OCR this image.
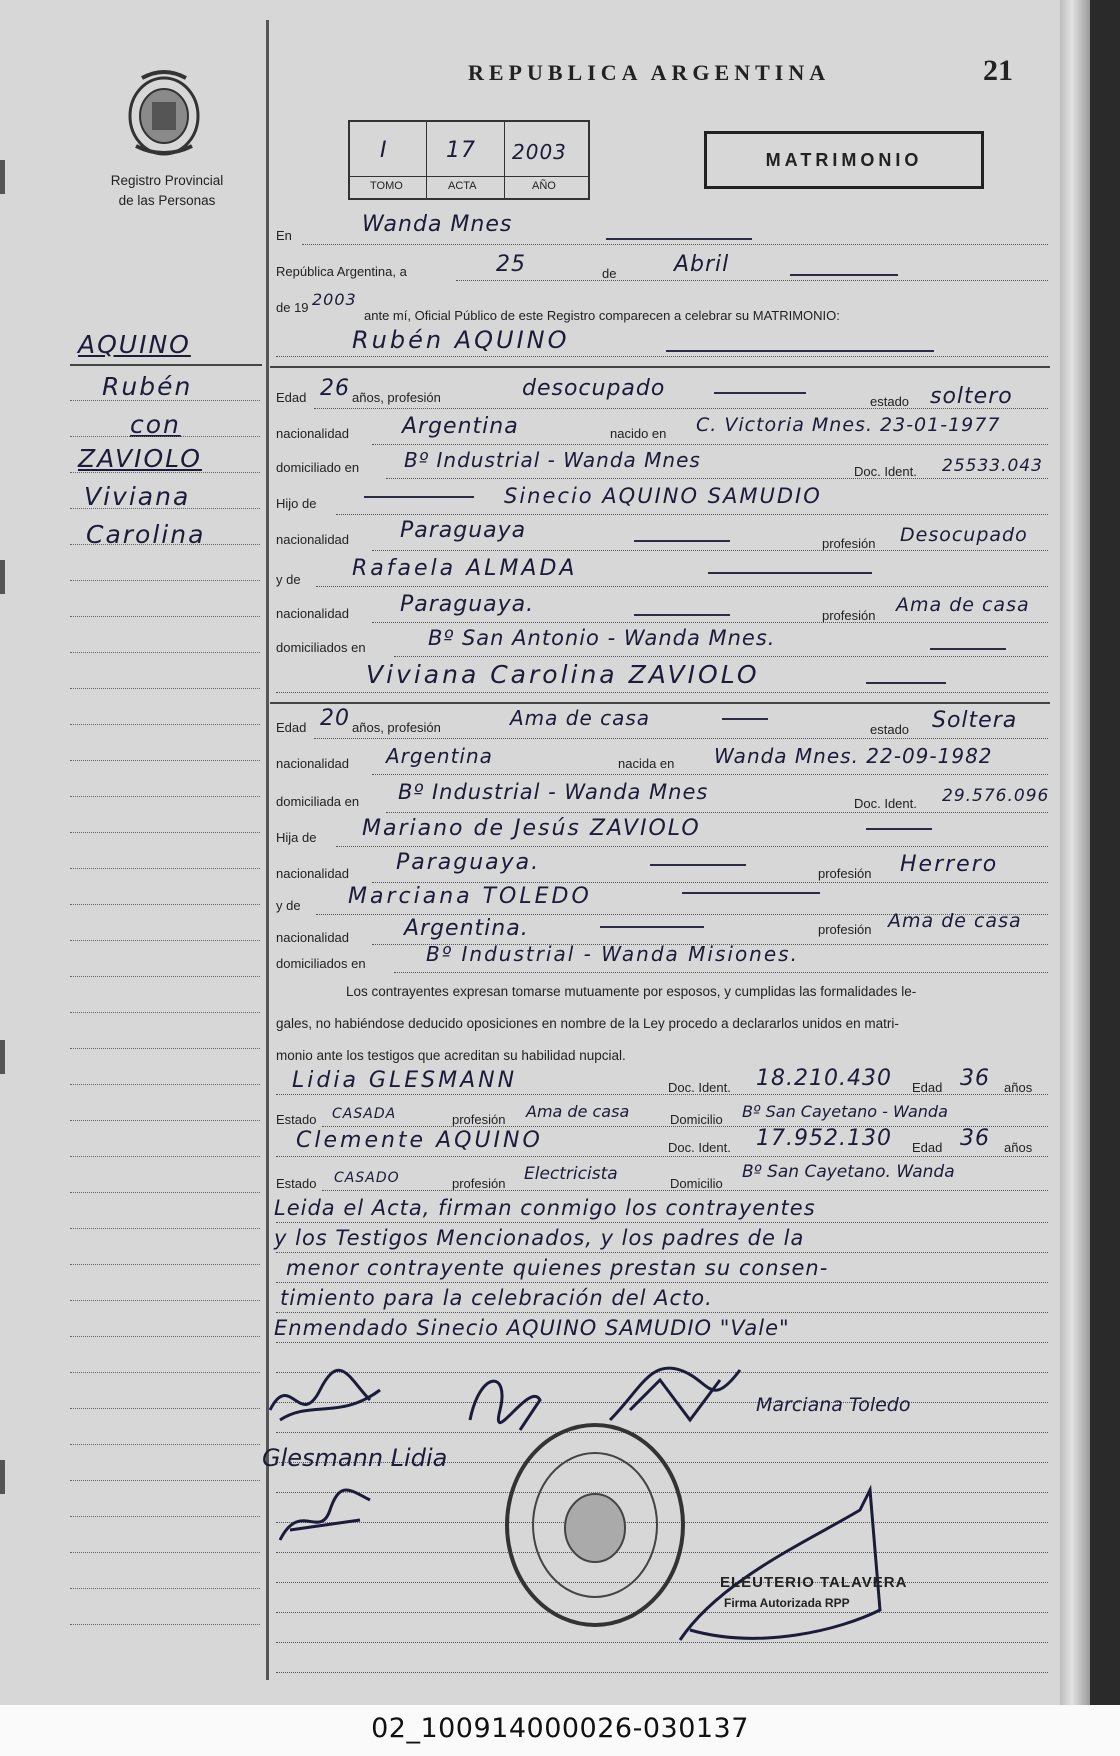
Registro Provincial
de las Personas
REPUBLICA ARGENTINA	21
I	17 2003
TOMO	ACTA	AÑO
MATRIMONIO
AQUINO
Rubén
con
ZAVIOLO
Viviana
Carolina
En	Wanda Mnes
República Argentina, a	25	de	Abril
de 19 2003
ante mí, Oficial Público de este Registro comparecen a celebrar su MATRIMONIO:
Rubén AQUINO
Edad 26 años, profesión	desocupado
estado soltero
nacionalidad Argentina	nacido en C. Victoria Mnes. 23-01-1977
domiciliado en Bº Industrial - Wanda Mnes	Doc. Ident. 25533.043
Hijo de	Sinecio AQUINO SAMUDIO
nacionalidad Paraguaya
profesión Desocupado
y de Rafaela ALMADA
nacionalidad Paraguaya.	profesión Ama de casa
domiciliados en	Bº San Antonio - Wanda Mnes.
Viviana Carolina ZAVIOLO
Edad 20 años, profesión	Ama de casa	estado Soltera
nacionalidad Argentina	nacida en Wanda Mnes. 22-09-1982
domiciliada en Bº Industrial - Wanda Mnes	Doc. Ident. 29.576.096
Hija de Mariano de Jesús ZAVIOLO
nacionalidad Paraguaya.	profesión Herrero
y de Marciana TOLEDO
nacionalidad Argentina.	profesión Ama de casa
domiciliados en	Bº Industrial - Wanda Misiones.
Los contrayentes expresan tomarse mutuamente por esposos, y cumplidas las formalidades le-
gales, no habiéndose deducido oposiciones en nombre de la Ley procedo a declararlos unidos en matri-
monio ante los testigos que acreditan su habilidad nupcial.
Lidia GLESMANN	Doc. Ident. 18.210.430 Edad 36 años
Estado CASADA	profesión Ama de casa	Domicilio Bº San Cayetano - Wanda
Clemente AQUINO	Doc. Ident. 17.952.130 Edad 36 años
Estado CASADO	profesión Electricista	Domicilio
Bº San Cayetano. Wanda
Leida el Acta, firman conmigo los contrayentes
y los Testigos Mencionados, y los padres de la
menor contrayente quienes prestan su consen-
timiento para la celebración del Acto.
Enmendado Sinecio AQUINO SAMUDIO "Vale"
Marciana Toledo
Glesmann Lidia
ELEUTERIO TALAVERA
Firma Autorizada RPP
02_100914000026-030137
